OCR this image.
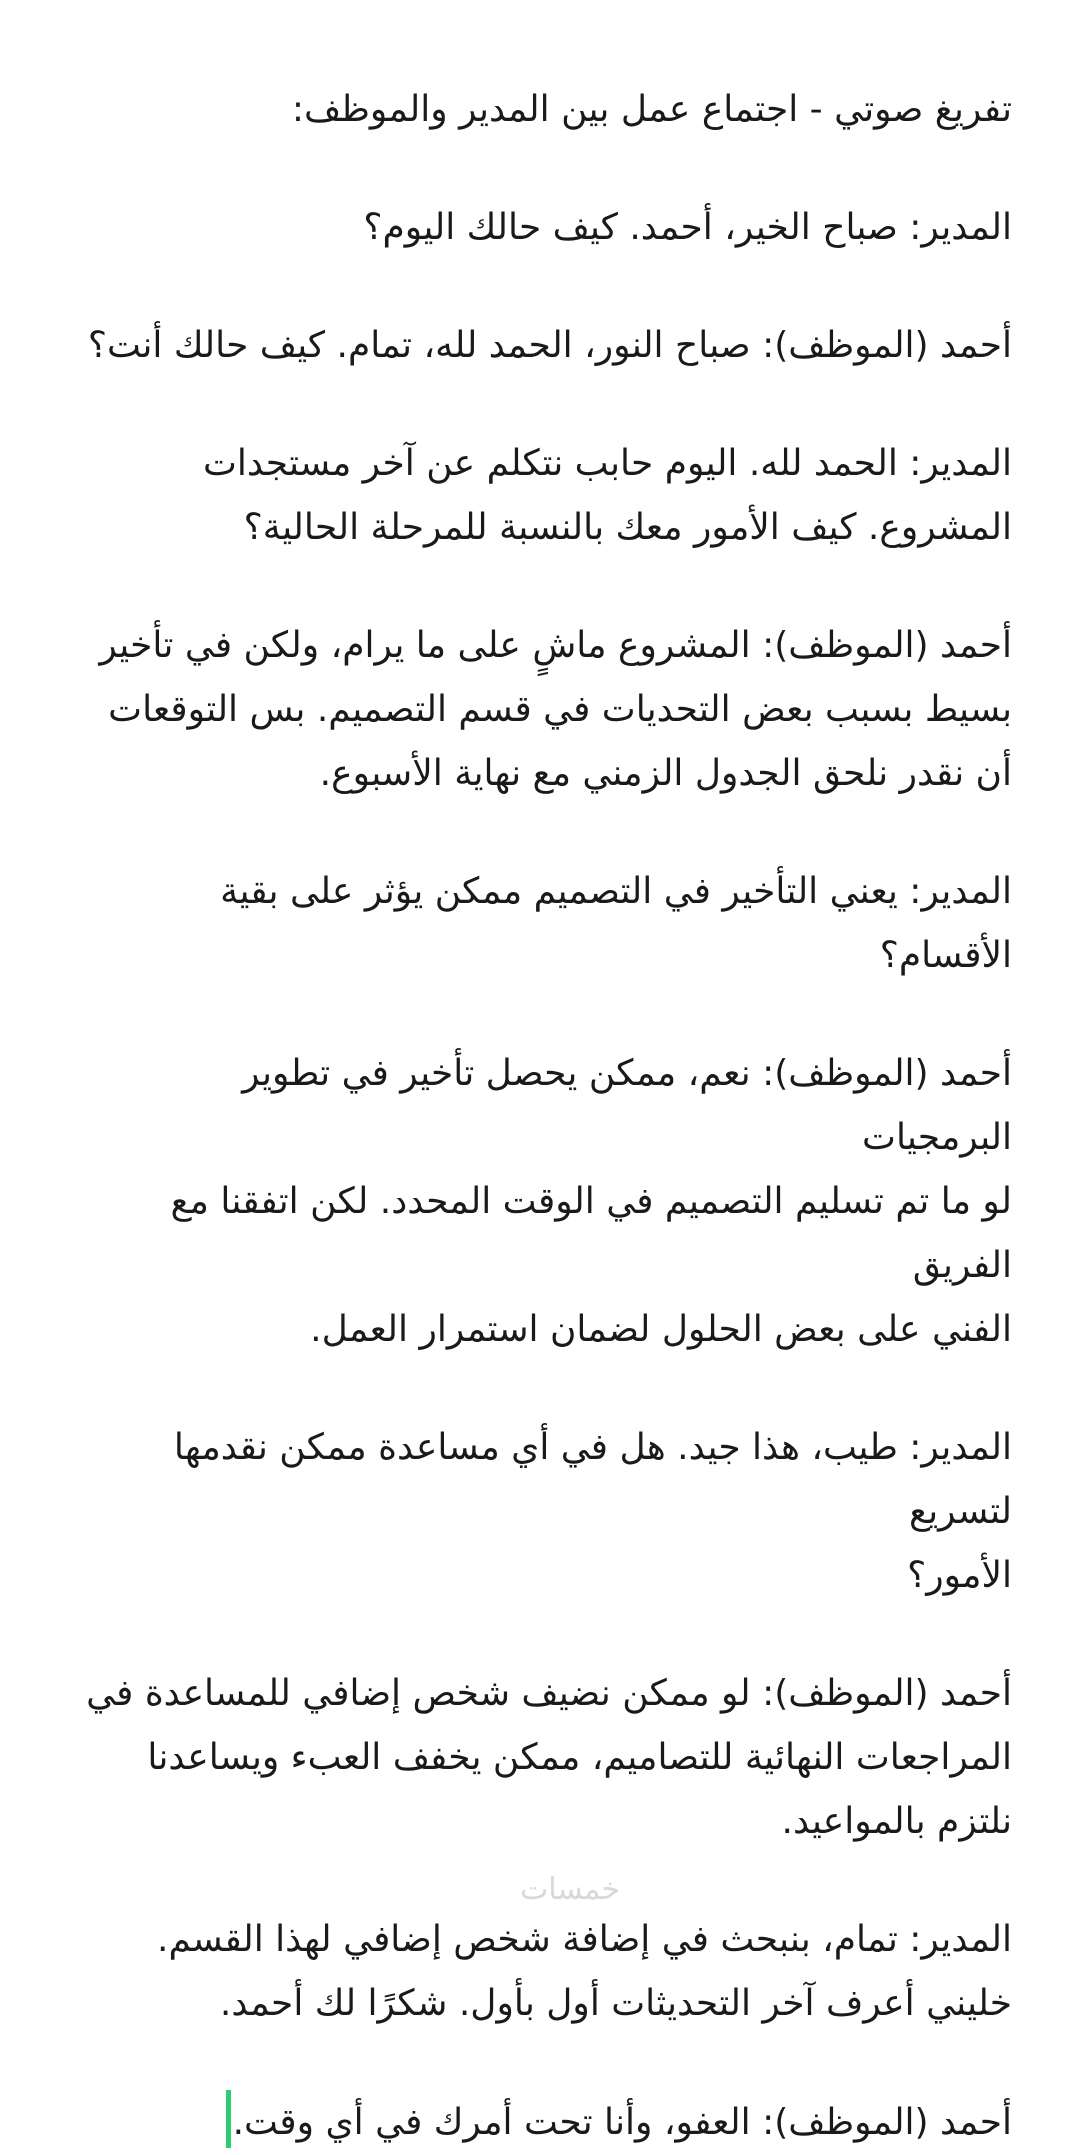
تفريغ صوتي - اجتماع عمل بين المدير والموظف:

المدير: صباح الخير، أحمد. كيف حالك اليوم؟

أحمد (الموظف): صباح النور، الحمد لله، تمام. كيف حالك أنت؟

المدير: الحمد لله. اليوم حابب نتكلم عن آخر مستجدات
المشروع. كيف الأمور معك بالنسبة للمرحلة الحالية؟

أحمد (الموظف): المشروع ماشٍ على ما يرام، ولكن في تأخير
بسيط بسبب بعض التحديات في قسم التصميم. بس التوقعات
أن نقدر نلحق الجدول الزمني مع نهاية الأسبوع.

المدير: يعني التأخير في التصميم ممكن يؤثر على بقية الأقسام؟

أحمد (الموظف): نعم، ممكن يحصل تأخير في تطوير البرمجيات
لو ما تم تسليم التصميم في الوقت المحدد. لكن اتفقنا مع الفريق
الفني على بعض الحلول لضمان استمرار العمل.

المدير: طيب، هذا جيد. هل في أي مساعدة ممكن نقدمها لتسريع
الأمور؟

أحمد (الموظف): لو ممكن نضيف شخص إضافي للمساعدة في
المراجعات النهائية للتصاميم، ممكن يخفف العبء ويساعدنا
نلتزم بالمواعيد.

المدير: تمام، بنبحث في إضافة شخص إضافي لهذا القسم.
خليني أعرف آخر التحديثات أول بأول. شكرًا لك أحمد.

أحمد (الموظف): العفو، وأنا تحت أمرك في أي وقت.

خمسات
